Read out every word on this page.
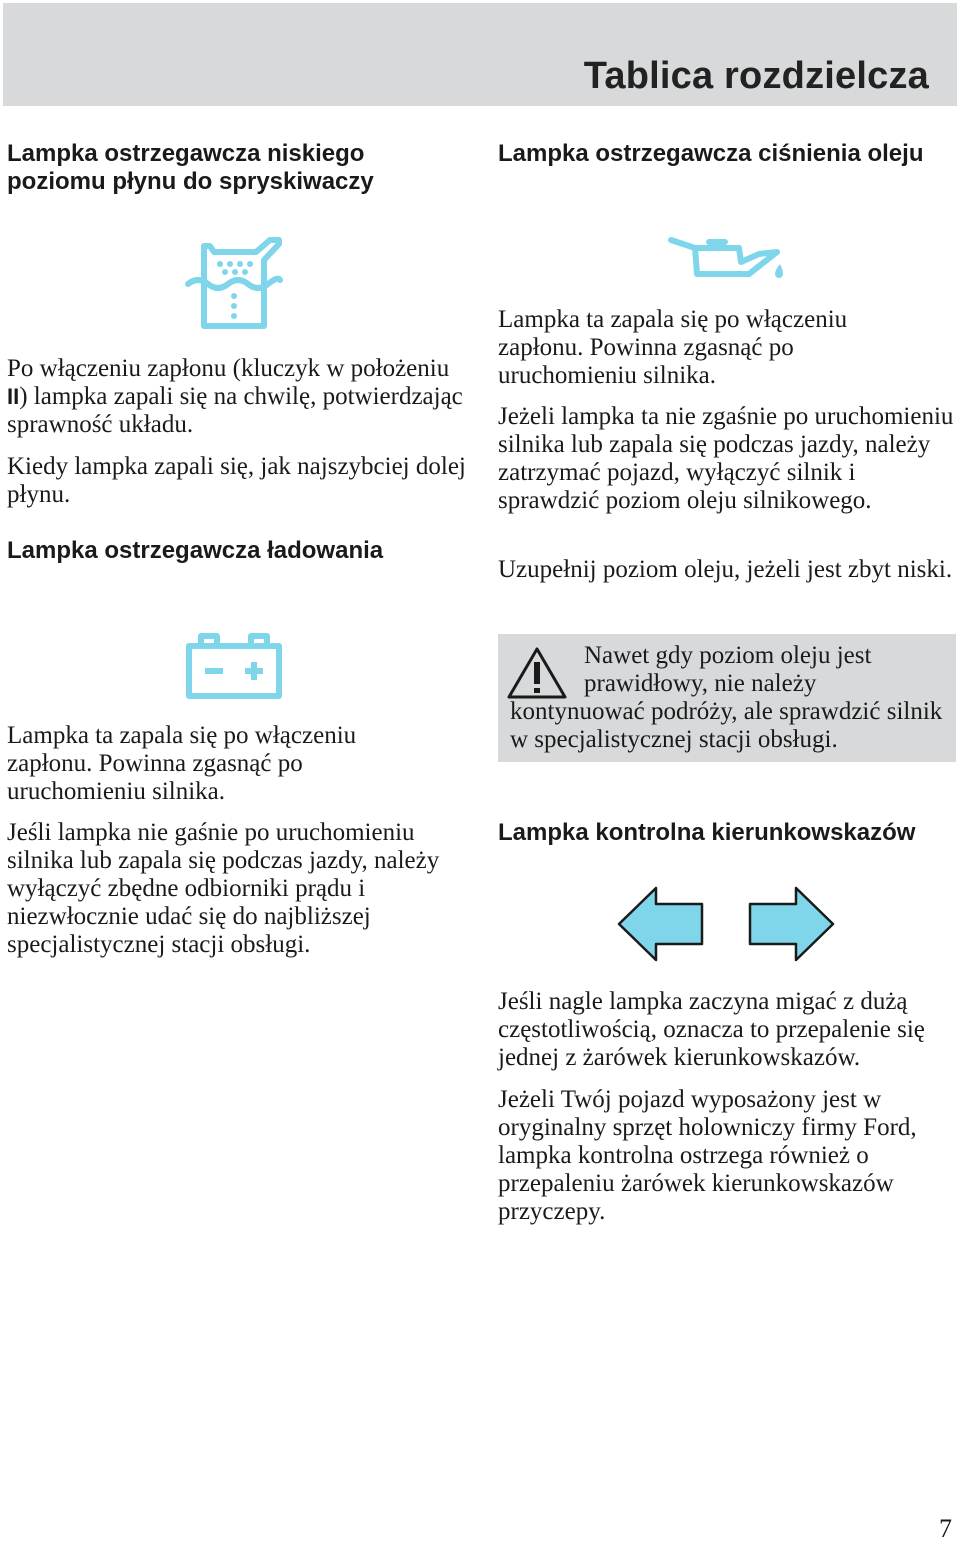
Tablica rozdzielcza
Lampka ostrzegawcza niskiego poziomu płynu do spryskiwaczy
Po włączeniu zapłonu (kluczyk w położeniu II) lampka zapali się na chwilę, potwierdzając sprawność układu.
Kiedy lampka zapali się, jak najszybciej dolej płynu.
Lampka ostrzegawcza ładowania
Lampka ta zapala się po włączeniu zapłonu. Powinna zgasnąć po uruchomieniu silnika.
Jeśli lampka nie gaśnie po uruchomieniu silnika lub zapala się podczas jazdy, należy wyłączyć zbędne odbiorniki prądu i niezwłocznie udać się do najbliższej specjalistycznej stacji obsługi.
Lampka ostrzegawcza ciśnienia oleju
Lampka ta zapala się po włączeniu zapłonu. Powinna zgasnąć po uruchomieniu silnika.
Jeżeli lampka ta nie zgaśnie po uruchomieniu silnika lub zapala się podczas jazdy, należy zatrzymać pojazd, wyłączyć silnik i sprawdzić poziom oleju silnikowego.
Uzupełnij poziom oleju, jeżeli jest zbyt niski.
Nawet gdy poziom oleju jest
prawidłowy, nie należy
kontynuować podróży, ale sprawdzić silnik w specjalistycznej stacji obsługi.
Lampka kontrolna kierunkowskazów
Jeśli nagle lampka zaczyna migać z dużą częstotliwością, oznacza to przepalenie się jednej z żarówek kierunkowskazów.
Jeżeli Twój pojazd wyposażony jest w oryginalny sprzęt holowniczy firmy Ford, lampka kontrolna ostrzega również o przepaleniu żarówek kierunkowskazów przyczepy.
7
